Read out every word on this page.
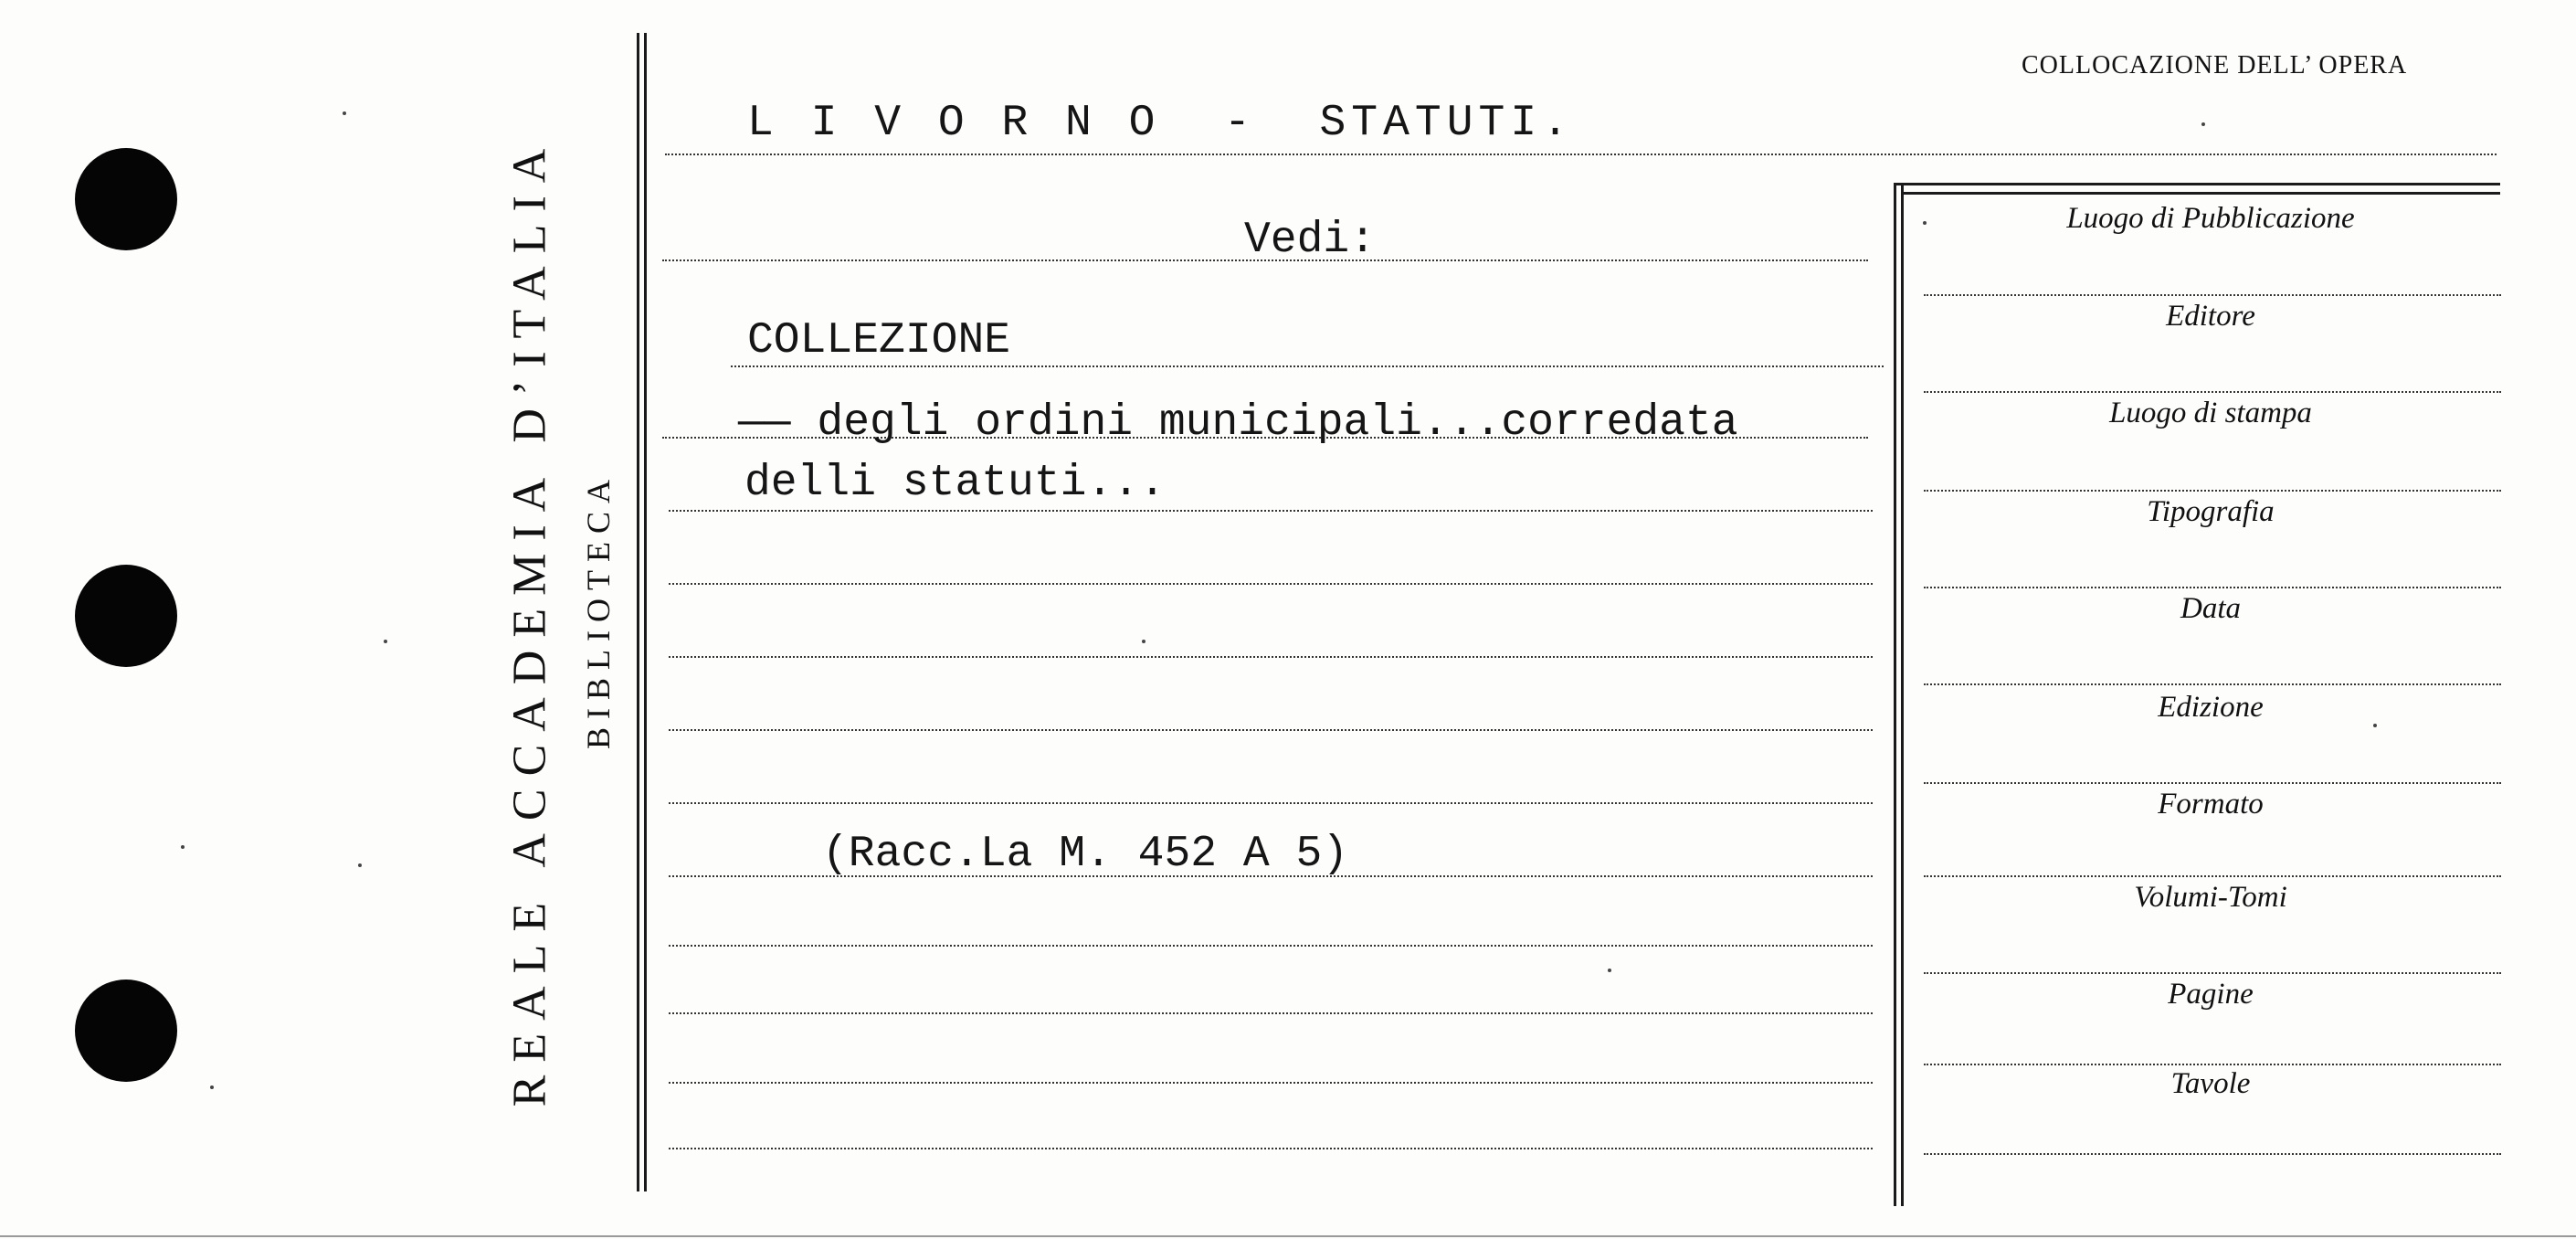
REALE ACCADEMIA D’ITALIA BIBLIOTECA
COLLOCAZIONE DELL’ OPERA
L I V O R N O  -  STATUTI.
Vedi:
COLLEZIONE
—— degli ordini municipali...corredata
delli statuti...
(Racc.La M. 452 A 5)
Luogo di Pubblicazione
Editore
Luogo di stampa
Tipografia
Data
Edizione
Formato
Volumi-Tomi
Pagine
Tavole
